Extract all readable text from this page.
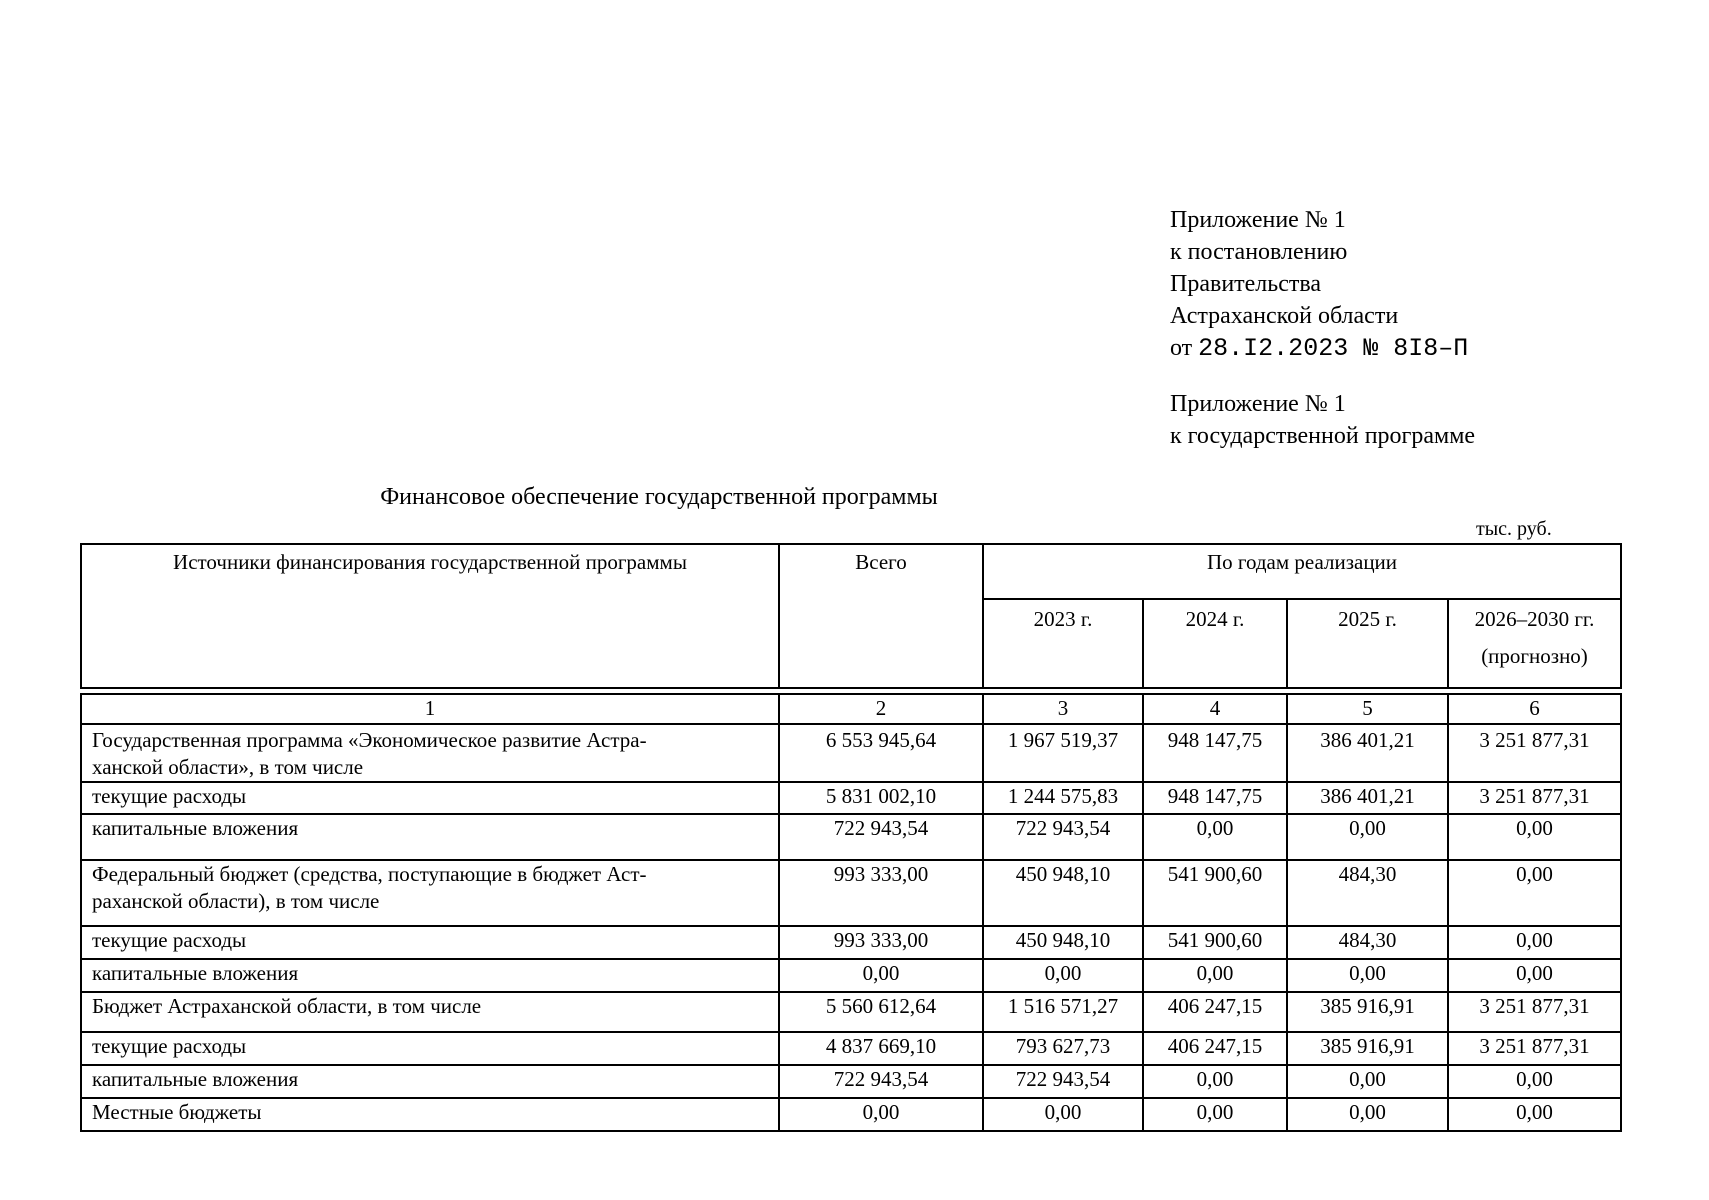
Приложение № 1
к постановлению
Правительства
Астраханской области
от 28.I2.2023 № 8I8–П
Приложение № 1
к государственной программе
Финансовое обеспечение государственной программы
тыс. руб.
Источники финансирования государственной программы	Всего	По годам реализации			
		2023 г.	2024 г.	2025 г.	2026–2030 гг.
(прогнозно)
1	2	3	4	5	6

Государственная программа «Экономическое развитие Астра-
ханской области», в том числе	6 553 945,64	1 967 519,37	948 147,75	386 401,21	3 251 877,31
текущие расходы	5 831 002,10	1 244 575,83	948 147,75	386 401,21	3 251 877,31
капитальные вложения	722 943,54	722 943,54	0,00	0,00	0,00

Федеральный бюджет (средства, поступающие в бюджет Аст-
раханской области), в том числе	993 333,00	450 948,10	541 900,60	484,30	0,00
текущие расходы	993 333,00	450 948,10	541 900,60	484,30	0,00
капитальные вложения	0,00	0,00	0,00	0,00	0,00
Бюджет Астраханской области, в том числе	5 560 612,64	1 516 571,27	406 247,15	385 916,91	3 251 877,31
текущие расходы	4 837 669,10	793 627,73	406 247,15	385 916,91	3 251 877,31
капитальные вложения	722 943,54	722 943,54	0,00	0,00	0,00
Местные бюджеты	0,00	0,00	0,00	0,00	0,00
